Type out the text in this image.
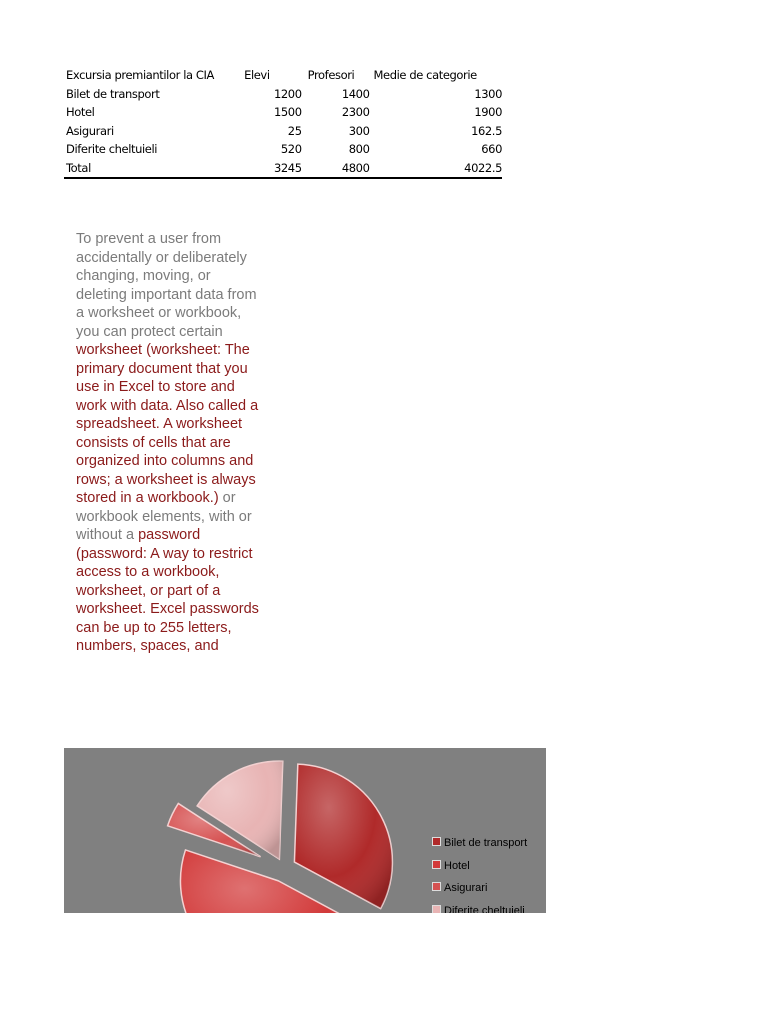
Excursia premiantilor la CIA	Elevi	Profesori	Medie de categorie
Bilet de transport	1200	1400	1300
Hotel	1500	2300	1900
Asigurari	25	300	162.5
Diferite cheltuieli	520	800	660
Total	3245	4800	4022.5
To prevent a user from accidentally or deliberately changing, moving, or deleting important data from a worksheet or workbook, you can protect certain worksheet (worksheet: The primary document that you use in Excel to store and work with data. Also called a spreadsheet. A worksheet consists of cells that are organized into columns and rows; a worksheet is always stored in a workbook.) or workbook elements, with or without a password (password: A way to restrict access to a workbook, worksheet, or part of a worksheet. Excel passwords can be up to 255 letters, numbers, spaces, and
Bilet de transport
Hotel
Asigurari
Diferite cheltuieli
